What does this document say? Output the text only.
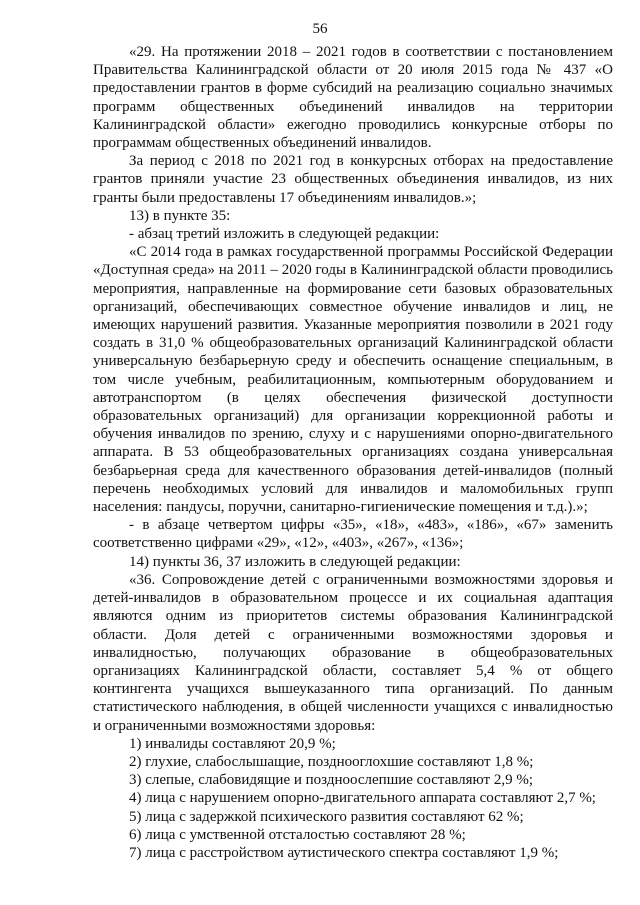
56

«29. На протяжении 2018 – 2021 годов в соответствии с постановлением Правительства Калининградской области от 20 июля 2015 года № 437 «О предоставлении грантов в форме субсидий на реализацию социально значимых программ общественных объединений инвалидов на территории Калининградской области» ежегодно проводились конкурсные отборы по программам общественных объединений инвалидов.

За период с 2018 по 2021 год в конкурсных отборах на предоставление грантов приняли участие 23 общественных объединения инвалидов, из них гранты были предоставлены 17 объединениям инвалидов.»;

13) в пункте 35:

- абзац третий изложить в следующей редакции:

«С 2014 года в рамках государственной программы Российской Федерации «Доступная среда» на 2011 – 2020 годы в Калининградской области проводились мероприятия, направленные на формирование сети базовых образовательных организаций, обеспечивающих совместное обучение инвалидов и лиц, не имеющих нарушений развития. Указанные мероприятия позволили в 2021 году создать в 31,0 % общеобразовательных организаций Калининградской области универсальную безбарьерную среду и обеспечить оснащение специальным, в том числе учебным, реабилитационным, компьютерным оборудованием и автотранспортом (в целях обеспечения физической доступности образовательных организаций) для организации коррекционной работы и обучения инвалидов по зрению, слуху и с нарушениями опорно-двигательного аппарата. В 53 общеобразовательных организациях создана универсальная безбарьерная среда для качественного образования детей-инвалидов (полный перечень необходимых условий для инвалидов и маломобильных групп населения: пандусы, поручни, санитарно-гигиенические помещения и т.д.).»;

- в абзаце четвертом цифры «35», «18», «483», «186», «67» заменить соответственно цифрами «29», «12», «403», «267», «136»;

14) пункты 36, 37 изложить в следующей редакции:

«36. Сопровождение детей с ограниченными возможностями здоровья и детей-инвалидов в образовательном процессе и их социальная адаптация являются одним из приоритетов системы образования Калининградской области. Доля детей с ограниченными возможностями здоровья и инвалидностью, получающих образование в общеобразовательных организациях Калининградской области, составляет 5,4 % от общего контингента учащихся вышеуказанного типа организаций. По данным статистического наблюдения, в общей численности учащихся с инвалидностью и ограниченными возможностями здоровья:

1) инвалиды составляют 20,9 %;

2) глухие, слабослышащие, позднооглохшие составляют 1,8 %;

3) слепые, слабовидящие и поздноослепшие составляют 2,9 %;

4) лица с нарушением опорно-двигательного аппарата составляют 2,7 %;

5) лица с задержкой психического развития составляют 62 %;

6) лица с умственной отсталостью составляют 28 %;

7) лица с расстройством аутистического спектра составляют 1,9 %;
